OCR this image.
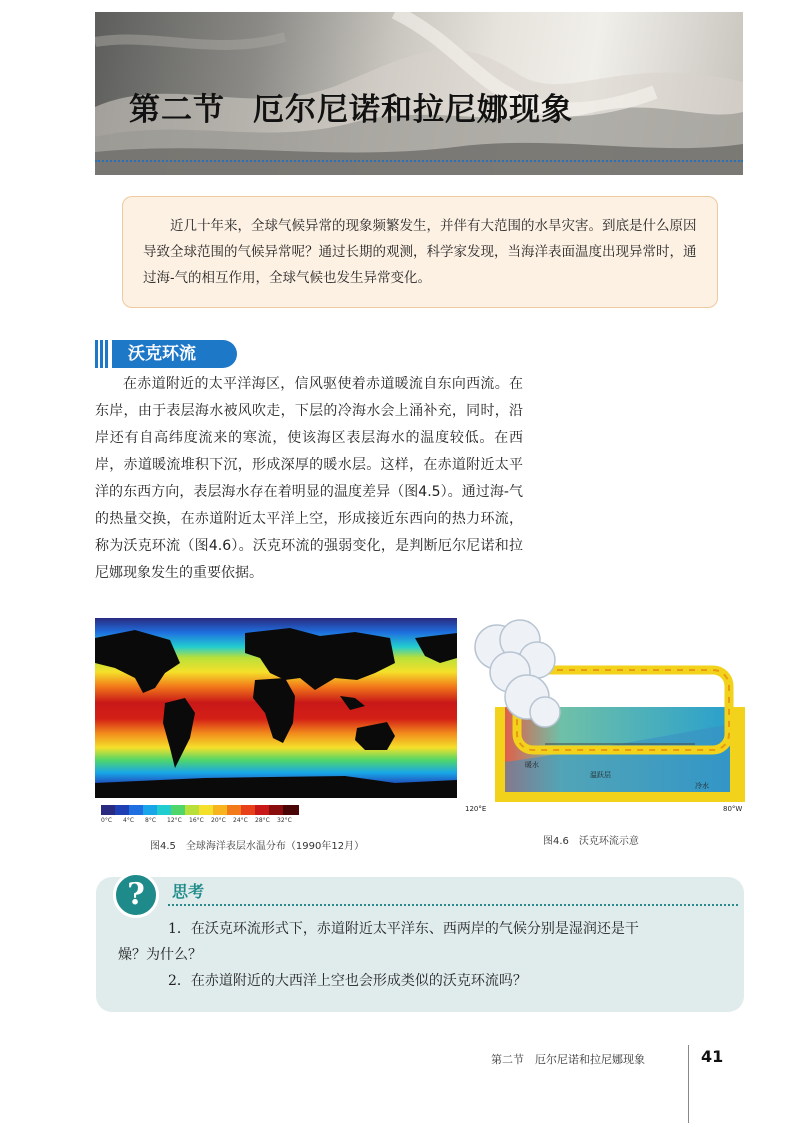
第二节 厄尔尼诺和拉尼娜现象
近几十年来，全球气候异常的现象频繁发生，并伴有大范围的水旱灾害。到底是什么原因导致全球范围的气候异常呢？通过长期的观测，科学家发现，当海洋表面温度出现异常时，通过海-气的相互作用，全球气候也发生异常变化。
沃克环流
在赤道附近的太平洋海区，信风驱使着赤道暖流自东向西流。在东岸，由于表层海水被风吹走，下层的冷海水会上涌补充，同时，沿岸还有自高纬度流来的寒流，使该海区表层海水的温度较低。在西岸，赤道暖流堆积下沉，形成深厚的暖水层。这样，在赤道附近太平洋的东西方向，表层海水存在着明显的温度差异（图4.5）。通过海-气的热量交换，在赤道附近太平洋上空，形成接近东西向的热力环流，称为沃克环流（图4.6）。沃克环流的强弱变化，是判断厄尔尼诺和拉尼娜现象发生的重要依据。
0°C 4°C 8°C 12°C 16°C 20°C 24°C 28°C 32°C
图4.5　全球海洋表层水温分布（1990年12月）
暖水
温跃层
冷水
120°E	80°W
图4.6　沃克环流示意
?	思考
1．在沃克环流形式下，赤道附近太平洋东、西两岸的气候分别是湿润还是干
燥？为什么？
2．在赤道附近的大西洋上空也会形成类似的沃克环流吗？
第二节　厄尔尼诺和拉尼娜现象	41
